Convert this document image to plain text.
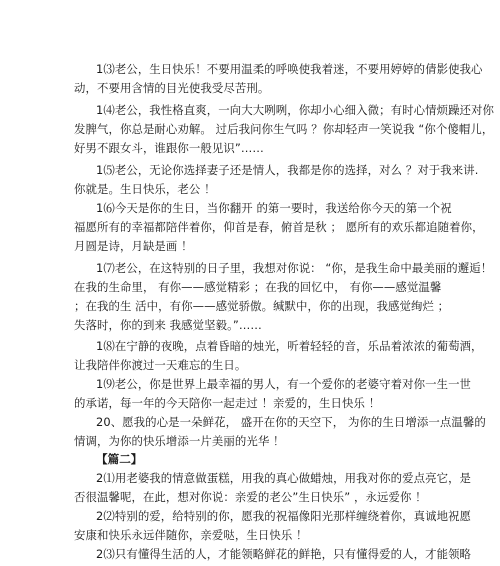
1⑶老公，生日快乐！不要用温柔的呼唤使我着迷，不要用婷婷的倩影使我心
动，不要用含情的目光使我受尽苦刑。
1⑷老公，我性格直爽，一向大大咧咧，你却小心细入微；有时心情烦躁还对你
发脾气，你总是耐心劝解。 过后我问你生气吗 ？你却轻声一笑说我 “你个傻帽儿，
好男不跟女斗，谁跟你一般见识”……
1⑸老公，无论你选择妻子还是情人，我都是你的选择，对么 ？对于我来讲.
你就是。生日快乐，老公 ！
1⑹今天是你的生日，当你翻开 的第一要时，我送给你今天的第一个祝
福愿所有的幸福都陪伴着你，仰首是春，俯首是秋 ； 愿所有的欢乐都追随着你，
月圆是诗，月缺是画 ！
1⑺老公，在这特别的日子里，我想对你说： “你，是我生命中最美丽的邂逅！
在我的生命里， 有你——感觉精彩 ；在我的回忆中， 有你——感觉温馨
；在我的生 活中，有你——感觉骄傲。缄默中，你的出现，我感觉绚烂 ；
失落时，你的到来 我感觉坚毅。”……
1⑻在宁静的夜晚，点着昏暗的烛光，听着轻轻的音，乐品着浓浓的葡萄酒，
让我陪伴你渡过一天难忘的生日。
1⑼老公，你是世界上最幸福的男人，有一个爱你的老婆守着对你一生一世
的承诺，每一年的今天陪你一起走过 ！亲爱的，生日快乐 ！
20、愿我的心是一朵鲜花， 盛开在你的天空下， 为你的生日增添一点温馨的
情调，为你的快乐增添一片美丽的光华 ！
【篇二】
2⑴用老婆我的情意做蛋糕，用我的真心做蜡烛，用我对你的爱点亮它，是
否很温馨呢，在此，想对你说：亲爱的老公”生日快乐” ，永远爱你 ！
2⑵特别的爱，给特别的你，愿我的祝福像阳光那样缠绕着你，真诚地祝愿
安康和快乐永远伴随你，亲爱哒，生日快乐 ！
2⑶只有懂得生活的人，才能领略鲜花的鲜艳，只有懂得爱的人，才能领略
